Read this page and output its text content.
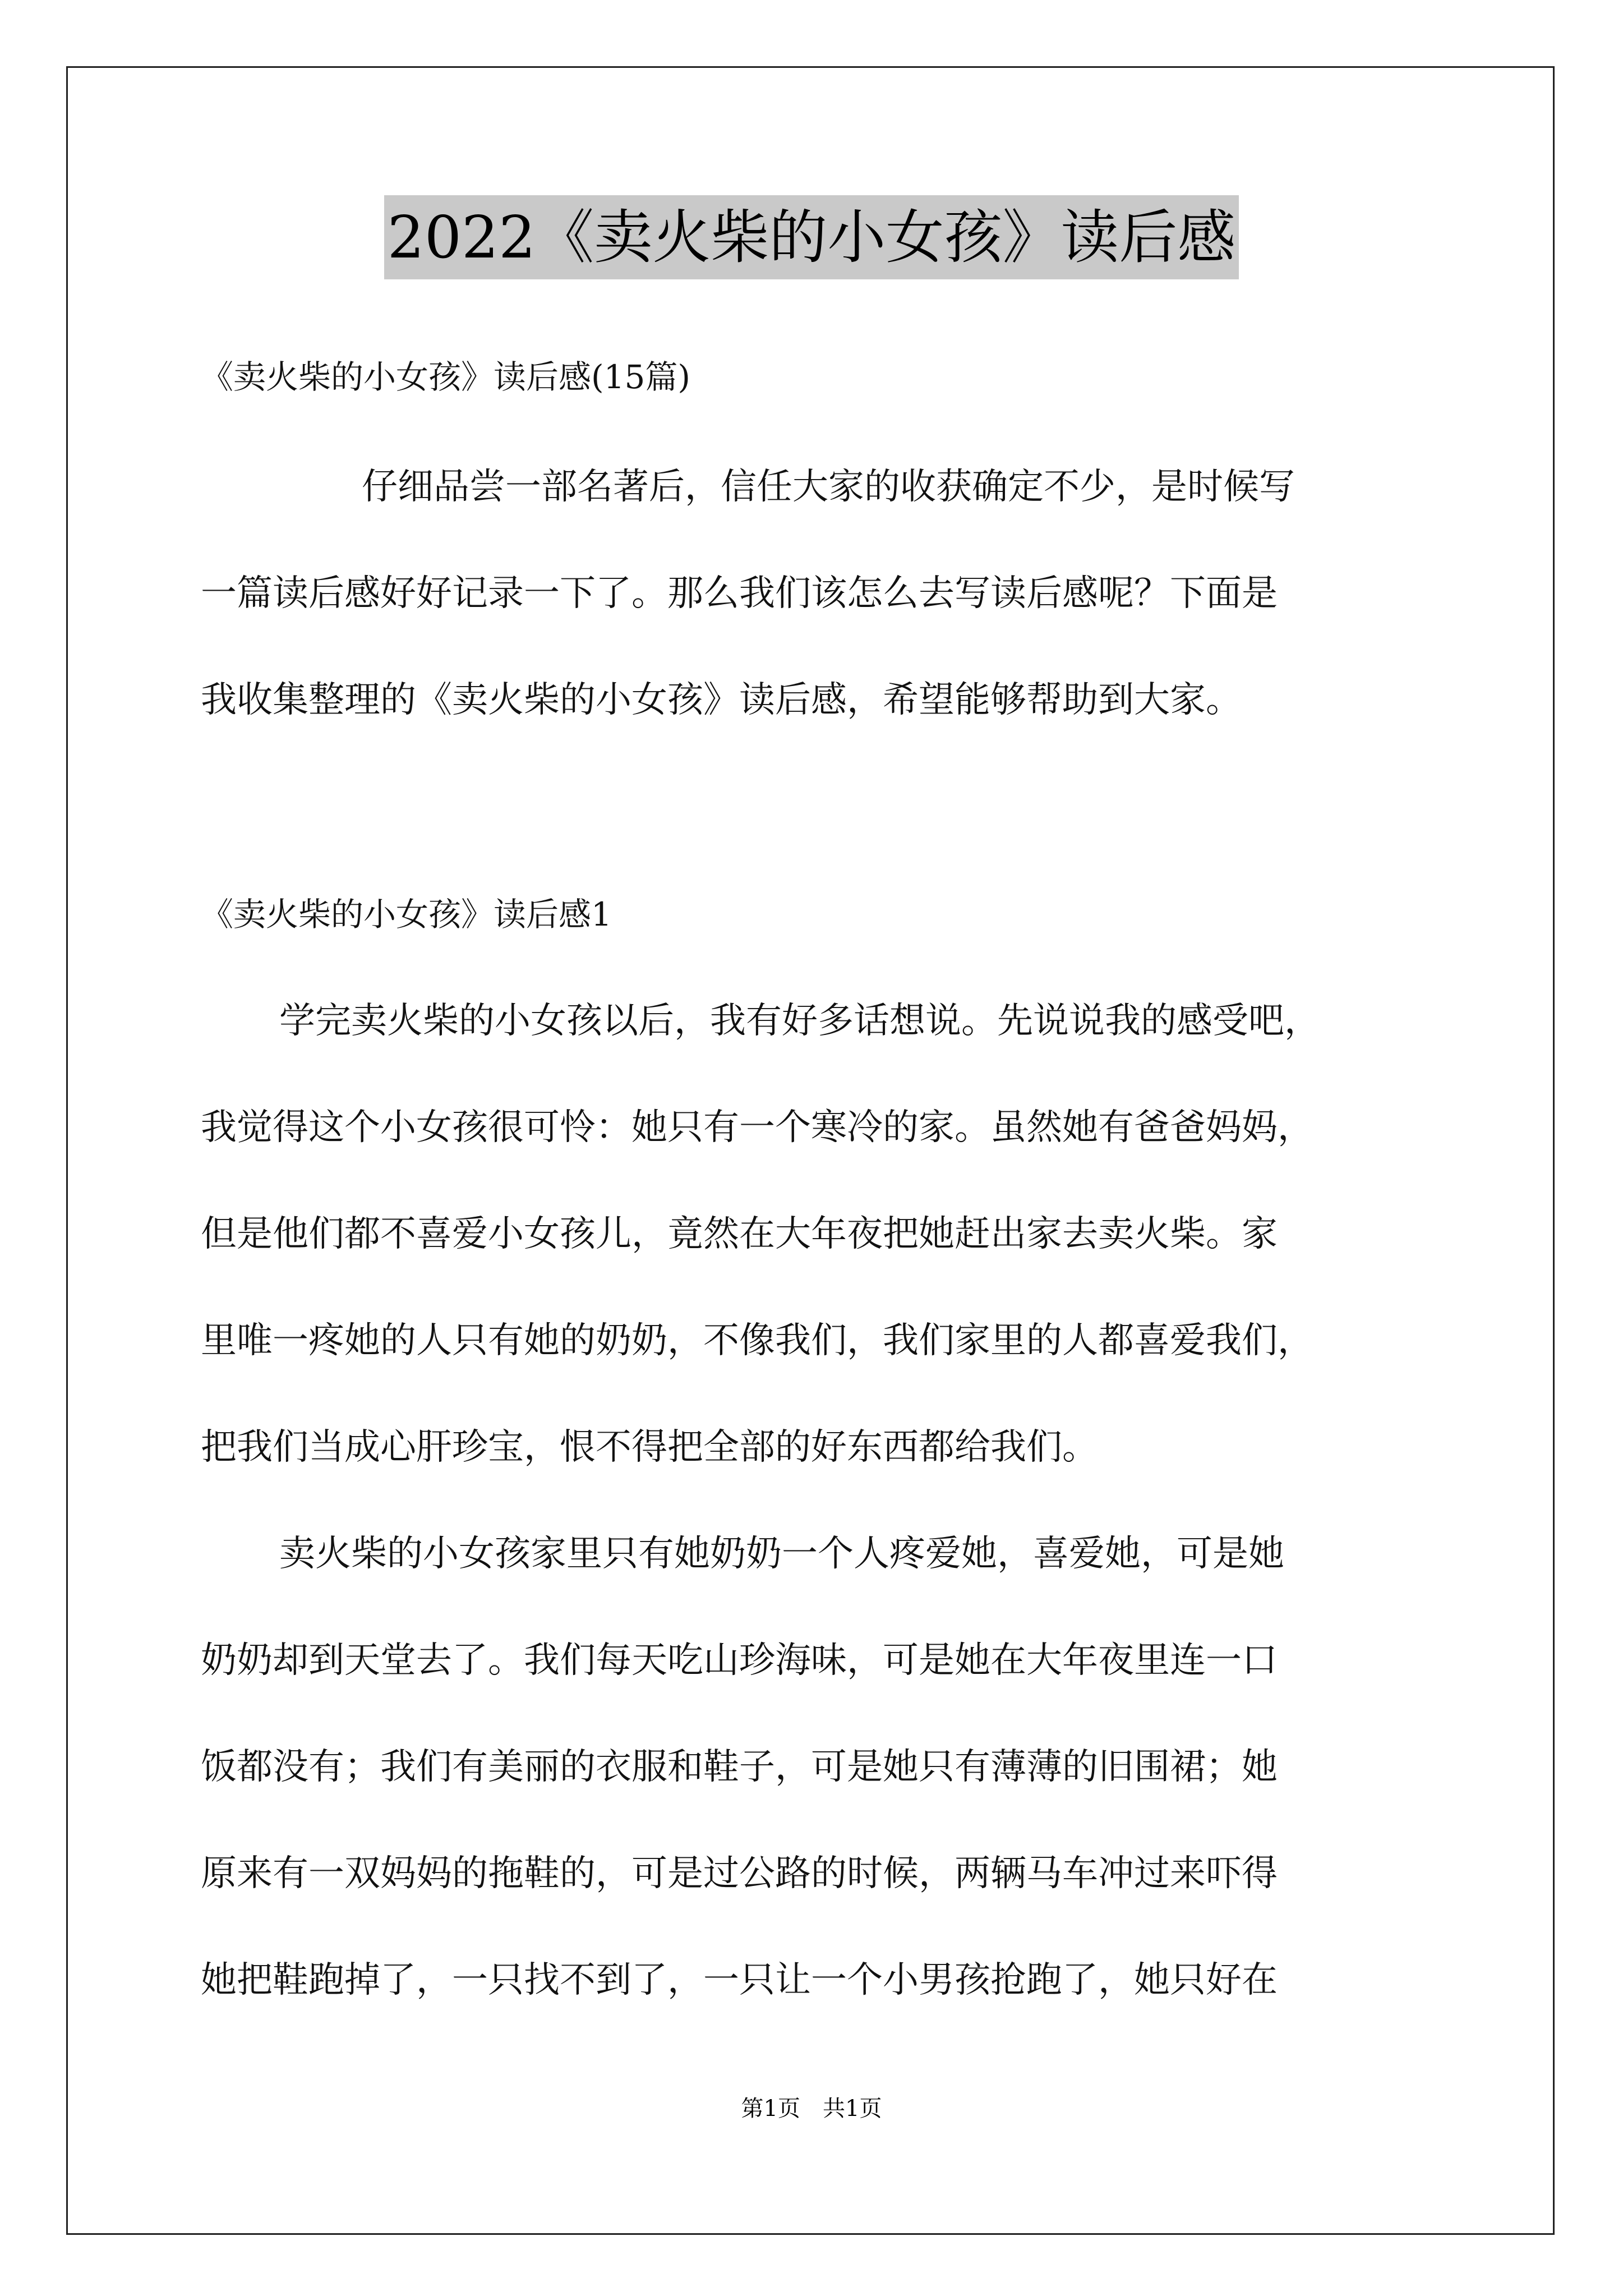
2022《卖火柴的小女孩》读后感
《卖火柴的小女孩》读后感(15篇)
仔细品尝一部名著后，信任大家的收获确定不少，是时候写
一篇读后感好好记录一下了。那么我们该怎么去写读后感呢？下面是
我收集整理的《卖火柴的小女孩》读后感，希望能够帮助到大家。
《卖火柴的小女孩》读后感1
学完卖火柴的小女孩以后，我有好多话想说。先说说我的感受吧，
我觉得这个小女孩很可怜：她只有一个寒冷的家。虽然她有爸爸妈妈，
但是他们都不喜爱小女孩儿，竟然在大年夜把她赶出家去卖火柴。家
里唯一疼她的人只有她的奶奶，不像我们，我们家里的人都喜爱我们，
把我们当成心肝珍宝，恨不得把全部的好东西都给我们。
卖火柴的小女孩家里只有她奶奶一个人疼爱她，喜爱她，可是她
奶奶却到天堂去了。我们每天吃山珍海味，可是她在大年夜里连一口
饭都没有；我们有美丽的衣服和鞋子，可是她只有薄薄的旧围裙；她
原来有一双妈妈的拖鞋的，可是过公路的时候，两辆马车冲过来吓得
她把鞋跑掉了，一只找不到了，一只让一个小男孩抢跑了，她只好在
第1页　共1页
